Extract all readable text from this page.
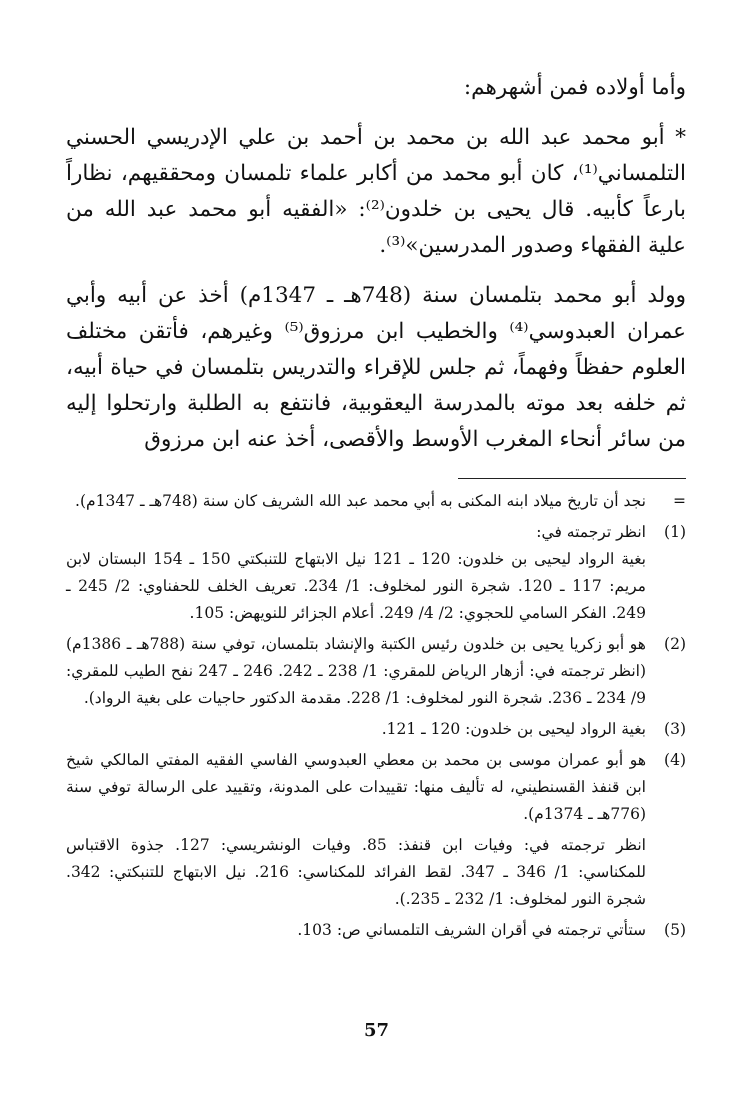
وأما أولاده فمن أشهرهم:

* أبو محمد عبد الله بن محمد بن أحمد بن علي الإدريسي الحسني التلمساني⁽¹⁾، كان أبو محمد من أكابر علماء تلمسان ومحققيهم، نظاراً بارعاً كأبيه. قال يحيى بن خلدون⁽²⁾: «الفقيه أبو محمد عبد الله من علية الفقهاء وصدور المدرسين»⁽³⁾.

وولد أبو محمد بتلمسان سنة (748هـ ـ 1347م) أخذ عن أبيه وأبي عمران العبدوسي⁽⁴⁾ والخطيب ابن مرزوق⁽⁵⁾ وغيرهم، فأتقن مختلف العلوم حفظاً وفهماً، ثم جلس للإقراء والتدريس بتلمسان في حياة أبيه، ثم خلفه بعد موته بالمدرسة اليعقوبية، فانتفع به الطلبة وارتحلوا إليه من سائر أنحاء المغرب الأوسط والأقصى، أخذ عنه ابن مرزوق

=

نجد أن تاريخ ميلاد ابنه المكنى به أبي محمد عبد الله الشريف كان سنة (748هـ ـ 1347م).

(1)

انظر ترجمته في:

بغية الرواد ليحيى بن خلدون: 120 ـ 121 نيل الابتهاج للتنبكتي 150 ـ 154 البستان لابن مريم: 117 ـ 120. شجرة النور لمخلوف: 1/ 234. تعريف الخلف للحفناوي: 2/ 245 ـ 249. الفكر السامي للحجوي: 2/ 4/ 249. أعلام الجزائر للنويهض: 105.

(2)

هو أبو زكريا يحيى بن خلدون رئيس الكتبة والإنشاد بتلمسان، توفي سنة (788هـ ـ 1386م) (انظر ترجمته في: أزهار الرياض للمقري: 1/ 238 ـ 242. 246 ـ 247 نفح الطيب للمقري: 9/ 234 ـ 236. شجرة النور لمخلوف: 1/ 228. مقدمة الدكتور حاجيات على بغية الرواد).

(3)

بغية الرواد ليحيى بن خلدون: 120 ـ 121.

(4)

هو أبو عمران موسى بن محمد بن معطي العبدوسي الفاسي الفقيه المفتي المالكي شيخ ابن قنفذ القسنطيني، له تأليف منها: تقييدات على المدونة، وتقييد على الرسالة توفي سنة (776هـ ـ 1374م).

انظر ترجمته في: وفيات ابن قنفذ: 85. وفيات الونشريسي: 127. جذوة الاقتباس للمكناسي: 1/ 346 ـ 347. لقط الفرائد للمكناسي: 216. نيل الابتهاج للتنبكتي: 342. شجرة النور لمخلوف: 1/ 232 ـ 235.).

(5)

ستأتي ترجمته في أقران الشريف التلمساني ص: 103.

57
